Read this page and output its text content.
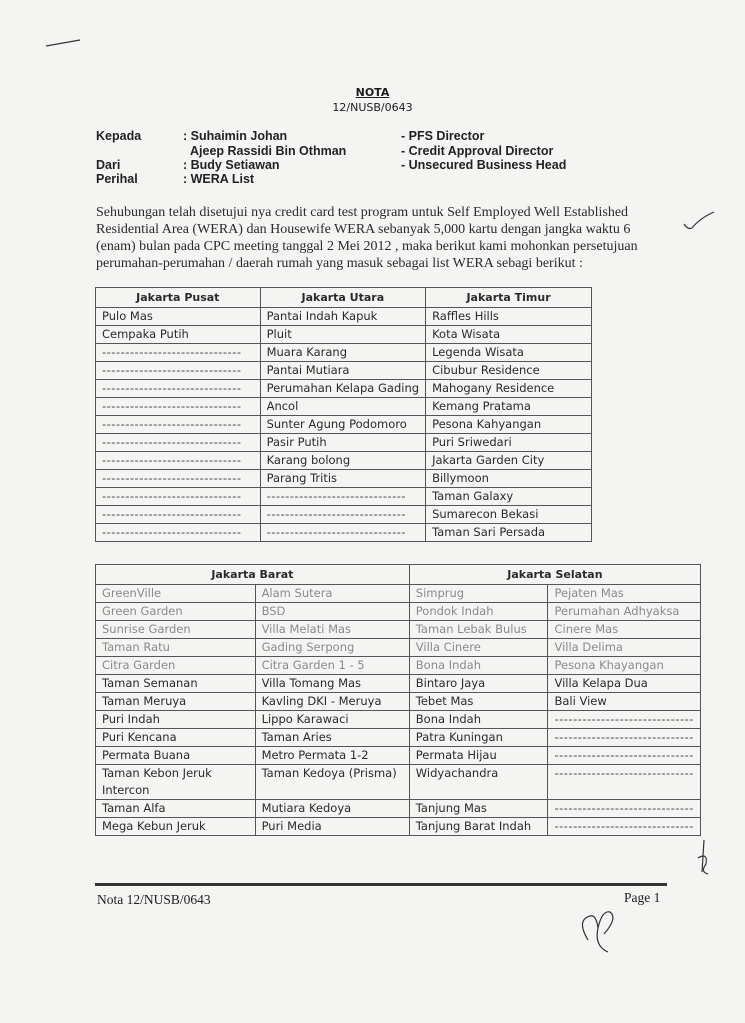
NOTA
12/NUSB/0643
Kepada	: Suhaimin Johan
Ajeep Rassidi Bin Othman
Dari	: Budy Setiawan
Perihal	: WERA List
- PFS Director
- Credit Approval Director
- Unsecured Business Head
Sehubungan telah disetujui nya credit card test program untuk Self Employed Well Established Residential Area (WERA) dan Housewife WERA sebanyak 5,000 kartu dengan jangka waktu 6 (enam) bulan pada CPC meeting tanggal 2 Mei 2012 , maka berikut kami mohonkan persetujuan perumahan-perumahan / daerah rumah yang masuk sebagai list WERA sebagi berikut :
Jakarta Pusat	Jakarta Utara	Jakarta Timur
Pulo Mas	Pantai Indah Kapuk	Raffles Hills
Cempaka Putih	Pluit	Kota Wisata
------------------------------	Muara Karang	Legenda Wisata
------------------------------	Pantai Mutiara	Cibubur Residence
------------------------------	Perumahan Kelapa Gading	Mahogany Residence
------------------------------	Ancol	Kemang Pratama
------------------------------	Sunter Agung Podomoro	Pesona Kahyangan
------------------------------	Pasir Putih	Puri Sriwedari
------------------------------	Karang bolong	Jakarta Garden City
------------------------------	Parang Tritis	Billymoon
------------------------------	------------------------------	Taman Galaxy
------------------------------	------------------------------	Sumarecon Bekasi
------------------------------	------------------------------	Taman Sari Persada
Jakarta Barat		Jakarta Selatan	
GreenVille	Alam Sutera	Simprug	Pejaten Mas
Green Garden	BSD	Pondok Indah	Perumahan Adhyaksa
Sunrise Garden	Villa Melati Mas	Taman Lebak Bulus	Cinere Mas
Taman Ratu	Gading Serpong	Villa Cinere	Villa Delima
Citra Garden	Citra Garden 1 - 5	Bona Indah	Pesona Khayangan
Taman Semanan	Villa Tomang Mas	Bintaro Jaya	Villa Kelapa Dua
Taman Meruya	Kavling DKI - Meruya	Tebet Mas	Bali View
Puri Indah	Lippo Karawaci	Bona Indah	------------------------------
Puri Kencana	Taman Aries	Patra Kuningan	------------------------------
Permata Buana	Metro Permata 1-2	Permata Hijau	------------------------------
Taman Kebon Jeruk Intercon	Taman Kedoya (Prisma)	Widyachandra	------------------------------
Taman Alfa	Mutiara Kedoya	Tanjung Mas	------------------------------
Mega Kebun Jeruk	Puri Media	Tanjung Barat Indah	------------------------------
Nota 12/NUSB/0643	Page 1
